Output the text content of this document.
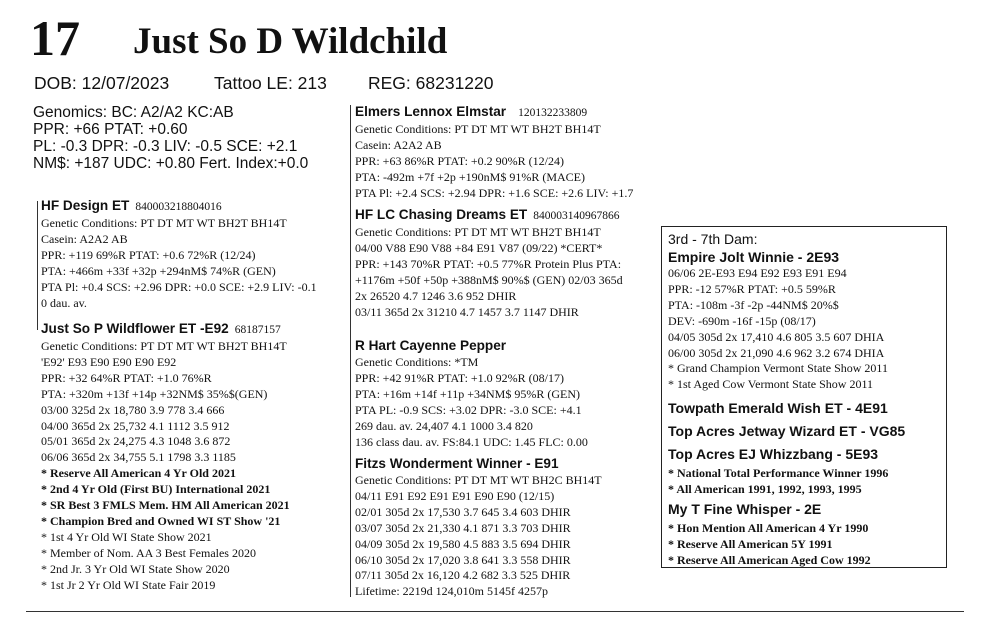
17 Just So D Wildchild
DOB: 12/07/2023	Tattoo LE: 213 REG: 68231220
Genomics: BC: A2/A2 KC:AB
PPR: +66 PTAT: +0.60
PL: -0.3 DPR: -0.3 LIV: -0.5 SCE: +2.1
NM$: +187 UDC: +0.80 Fert. Index:+0.0
HF Design ET 840003218804016
Genetic Conditions: PT DT MT WT BH2T BH14T
Casein: A2A2 AB
PPR: +119 69%R PTAT: +0.6 72%R (12/24)
PTA: +466m +33f +32p +294nM$ 74%R (GEN)
PTA Pl: +0.4 SCS: +2.96 DPR: +0.0 SCE: +2.9 LIV: -0.1
0 dau. av.
Just So P Wildflower ET -E92 68187157
Genetic Conditions: PT DT MT WT BH2T BH14T
'E92' E93 E90 E90 E90 E92
PPR: +32 64%R PTAT: +1.0 76%R
PTA: +320m +13f +14p +32NM$ 35%$(GEN)
03/00 325d 2x 18,780 3.9 778 3.4 666
04/00 365d 2x 25,732 4.1 1112 3.5 912
05/01 365d 2x 24,275 4.3 1048 3.6 872
06/06 365d 2x 34,755 5.1 1798 3.3 1185
* Reserve All American 4 Yr Old 2021
* 2nd 4 Yr Old (First BU) International 2021
* SR Best 3 FMLS Mem. HM All American 2021
* Champion Bred and Owned WI ST Show '21
* 1st 4 Yr Old WI State Show 2021
* Member of Nom. AA 3 Best Females 2020
* 2nd Jr. 3 Yr Old WI State Show 2020
* 1st Jr 2 Yr Old WI State Fair 2019
Elmers Lennox Elmstar 120132233809
Genetic Conditions: PT DT MT WT BH2T BH14T
Casein: A2A2 AB
PPR: +63 86%R PTAT: +0.2 90%R (12/24)
PTA: -492m +7f +2p +190nM$ 91%R (MACE)
PTA Pl: +2.4 SCS: +2.94 DPR: +1.6 SCE: +2.6 LIV: +1.7
HF LC Chasing Dreams ET 840003140967866
Genetic Conditions: PT DT MT WT BH2T BH14T
04/00 V88 E90 V88 +84 E91 V87 (09/22) *CERT*
PPR: +143 70%R PTAT: +0.5 77%R Protein Plus PTA:
+1176m +50f +50p +388nM$ 90%$ (GEN) 02/03 365d
2x 26520 4.7 1246 3.6 952 DHIR
03/11 365d 2x 31210 4.7 1457 3.7 1147 DHIR
R Hart Cayenne Pepper
Genetic Conditions: *TM
PPR: +42 91%R PTAT: +1.0 92%R (08/17)
PTA: +16m +14f +11p +34NM$ 95%R (GEN)
PTA PL: -0.9 SCS: +3.02 DPR: -3.0 SCE: +4.1
269 dau. av. 24,407 4.1 1000 3.4 820
136 class dau. av. FS:84.1 UDC: 1.45 FLC: 0.00
Fitzs Wonderment Winner - E91
Genetic Conditions: PT DT MT WT BH2C BH14T
04/11 E91 E92 E91 E91 E90 E90 (12/15)
02/01 305d 2x 17,530 3.7 645 3.4 603 DHIR
03/07 305d 2x 21,330 4.1 871 3.3 703 DHIR
04/09 305d 2x 19,580 4.5 883 3.5 694 DHIR
06/10 305d 2x 17,020 3.8 641 3.3 558 DHIR
07/11 305d 2x 16,120 4.2 682 3.3 525 DHIR
Lifetime: 2219d 124,010m 5145f 4257p
3rd - 7th Dam:
Empire Jolt Winnie - 2E93
06/06 2E-E93 E94 E92 E93 E91 E94
PPR: -12 57%R PTAT: +0.5 59%R
PTA: -108m -3f -2p -44NM$ 20%$
DEV: -690m -16f -15p (08/17)
04/05 305d 2x 17,410 4.6 805 3.5 607 DHIA
06/00 305d 2x 21,090 4.6 962 3.2 674 DHIA
* Grand Champion Vermont State Show 2011
* 1st Aged Cow Vermont State Show 2011
Towpath Emerald Wish ET - 4E91
Top Acres Jetway Wizard ET - VG85
Top Acres EJ Whizzbang - 5E93
* National Total Performance Winner 1996
* All American 1991, 1992, 1993, 1995
My T Fine Whisper - 2E
* Hon Mention All American 4 Yr 1990
* Reserve All American 5Y 1991
* Reserve All American Aged Cow 1992
